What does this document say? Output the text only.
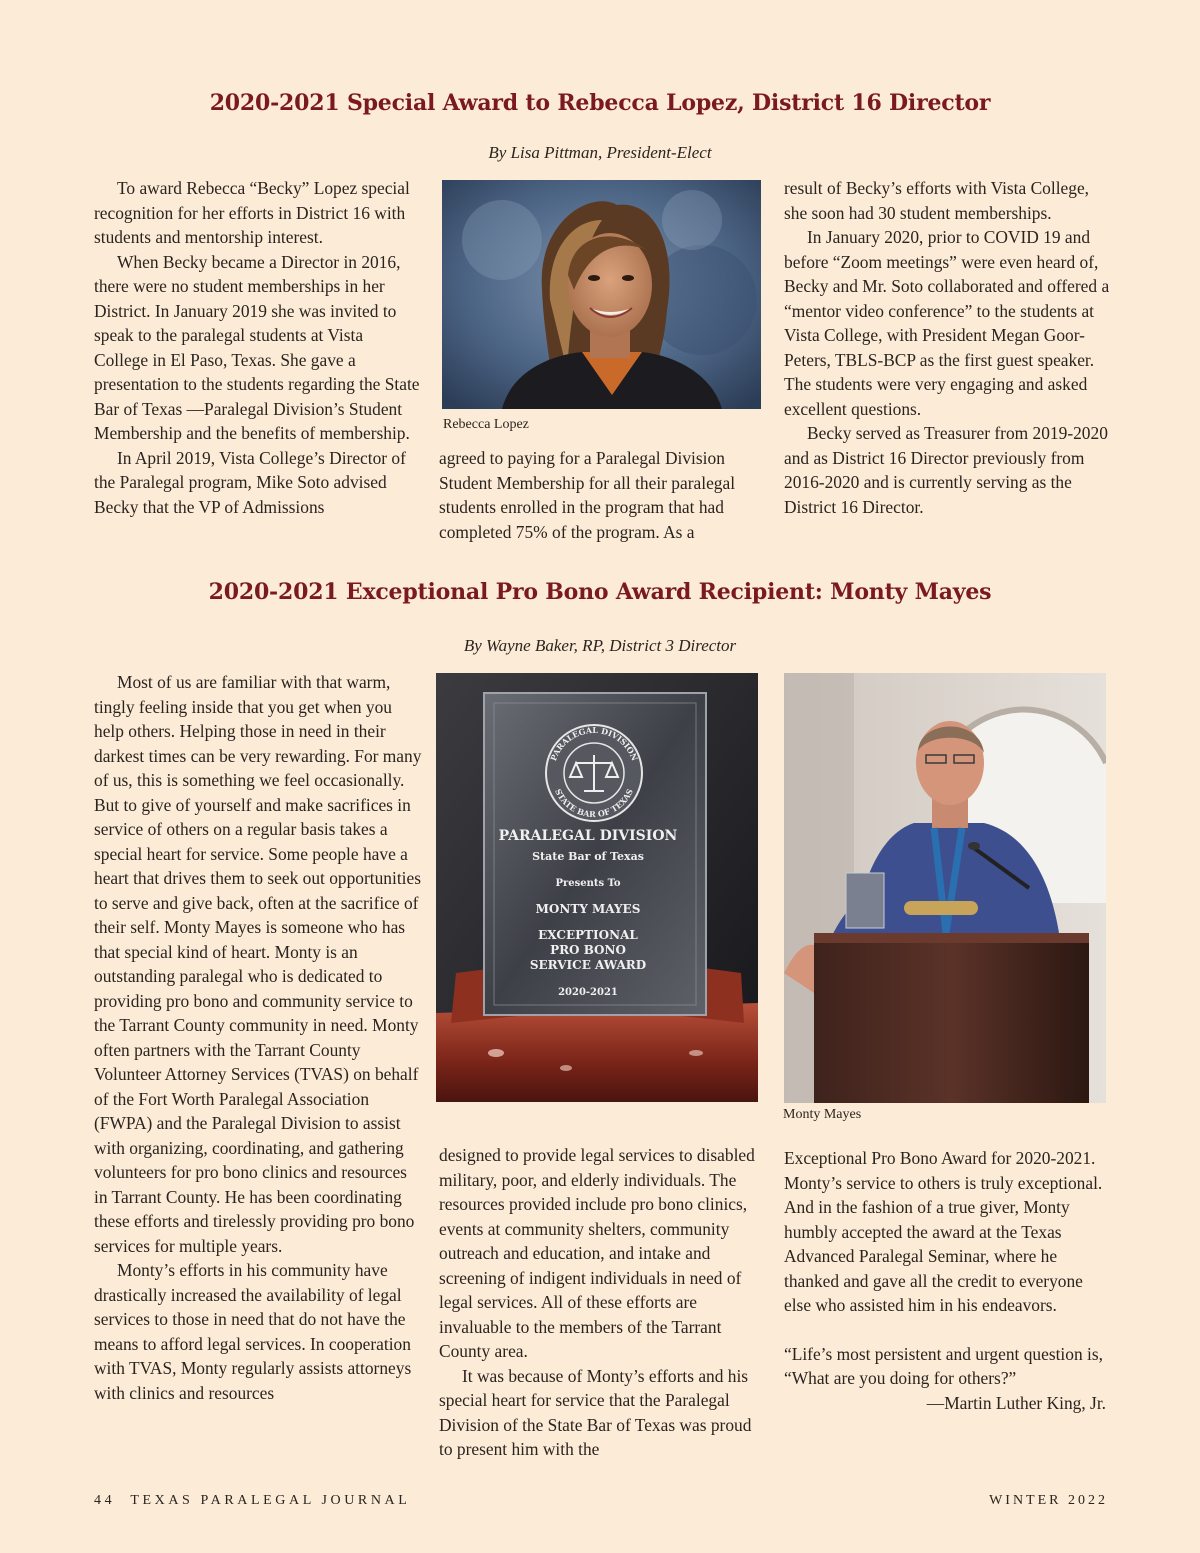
2020-2021 Special Award to Rebecca Lopez, District 16 Director
By Lisa Pittman, President-Elect

To award Rebecca “Becky” Lopez special recognition for her efforts in District 16 with students and mentorship interest.

When Becky became a Director in 2016, there were no student memberships in her District. In January 2019 she was invited to speak to the paralegal students at Vista College in El Paso, Texas. She gave a presentation to the students regarding the State Bar of Texas —Paralegal Division’s Student Membership and the benefits of membership.

In April 2019, Vista College’s Director of the Paralegal program, Mike Soto advised Becky that the VP of Admissions

Rebecca Lopez

agreed to paying for a Paralegal Division Student Membership for all their paralegal students enrolled in the program that had completed 75% of the program. As a

result of Becky’s efforts with Vista College, she soon had 30 student memberships.

In January 2020, prior to COVID 19 and before “Zoom meetings” were even heard of, Becky and Mr. Soto collaborated and offered a “mentor video conference” to the students at Vista College, with President Megan Goor-Peters, TBLS-BCP as the first guest speaker. The students were very engaging and asked excellent questions.

Becky served as Treasurer from 2019-2020 and as District 16 Director previously from 2016-2020 and is currently serving as the District 16 Director.

2020-2021 Exceptional Pro Bono Award Recipient: Monty Mayes
By Wayne Baker, RP, District 3 Director

Most of us are familiar with that warm, tingly feeling inside that you get when you help others. Helping those in need in their darkest times can be very rewarding. For many of us, this is something we feel occasionally. But to give of yourself and make sacrifices in service of others on a regular basis takes a special heart for service. Some people have a heart that drives them to seek out opportunities to serve and give back, often at the sacrifice of their self. Monty Mayes is someone who has that special kind of heart. Monty is an outstanding paralegal who is dedicated to providing pro bono and community service to the Tarrant County community in need. Monty often partners with the Tarrant County Volunteer Attorney Services (TVAS) on behalf of the Fort Worth Paralegal Association (FWPA) and the Paralegal Division to assist with organizing, coordinating, and gathering volunteers for pro bono clinics and resources in Tarrant County. He has been coordinating these efforts and tirelessly providing pro bono services for multiple years.

Monty’s efforts in his community have drastically increased the availability of legal services to those in need that do not have the means to afford legal services. In cooperation with TVAS, Monty regularly assists attorneys with clinics and resources

PARALEGAL DIVISION
STATE BAR OF TEXAS
PARALEGAL DIVISION
State Bar of Texas
Presents To
MONTY MAYES
EXCEPTIONAL
PRO BONO
SERVICE AWARD
2020-2021
Monty Mayes

designed to provide legal services to disabled military, poor, and elderly individuals. The resources provided include pro bono clinics, events at community shelters, community outreach and education, and intake and screening of indigent individuals in need of legal services. All of these efforts are invaluable to the members of the Tarrant County area.

It was because of Monty’s efforts and his special heart for service that the Paralegal Division of the State Bar of Texas was proud to present him with the

Exceptional Pro Bono Award for 2020-2021. Monty’s service to others is truly exceptional. And in the fashion of a true giver, Monty humbly accepted the award at the Texas Advanced Paralegal Seminar, where he thanked and gave all the credit to everyone else who assisted him in his endeavors.

“Life’s most persistent and urgent question is, “What are you doing for others?”

—Martin Luther King, Jr.

44 TEXAS PARALEGAL JOURNAL	WINTER 2022
